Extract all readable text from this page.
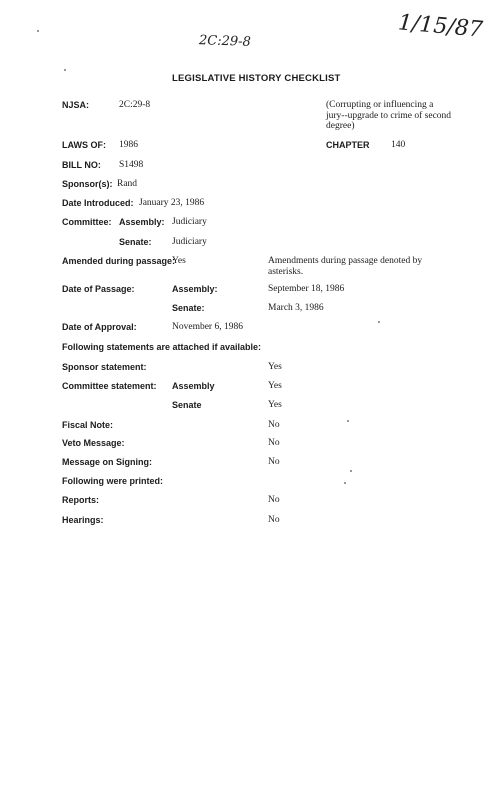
2C:29-8	1/15/87
LEGISLATIVE HISTORY CHECKLIST
NJSA:	2C:29-8	(Corrupting or influencing a jury--upgrade to crime of second degree)
LAWS OF: 1986	CHAPTER 140
BILL NO: S1498
Sponsor(s): Rand
Date Introduced: January 23, 1986
Committee: Assembly: Judiciary
Senate: Judiciary
Amended during passage:
Yes	Amendments during passage denoted by asterisks.
Date of Passage:	Assembly:	September 18, 1986
Senate:	March 3, 1986
Date of Approval:	November 6, 1986
Following statements are attached if available:
Sponsor statement:	Yes
Committee statement: Assembly	Yes
Senate	Yes
Fiscal Note:	No
Veto Message:	No
Message on Signing:	No
Following were printed:
Reports:	No
Hearings:	No
